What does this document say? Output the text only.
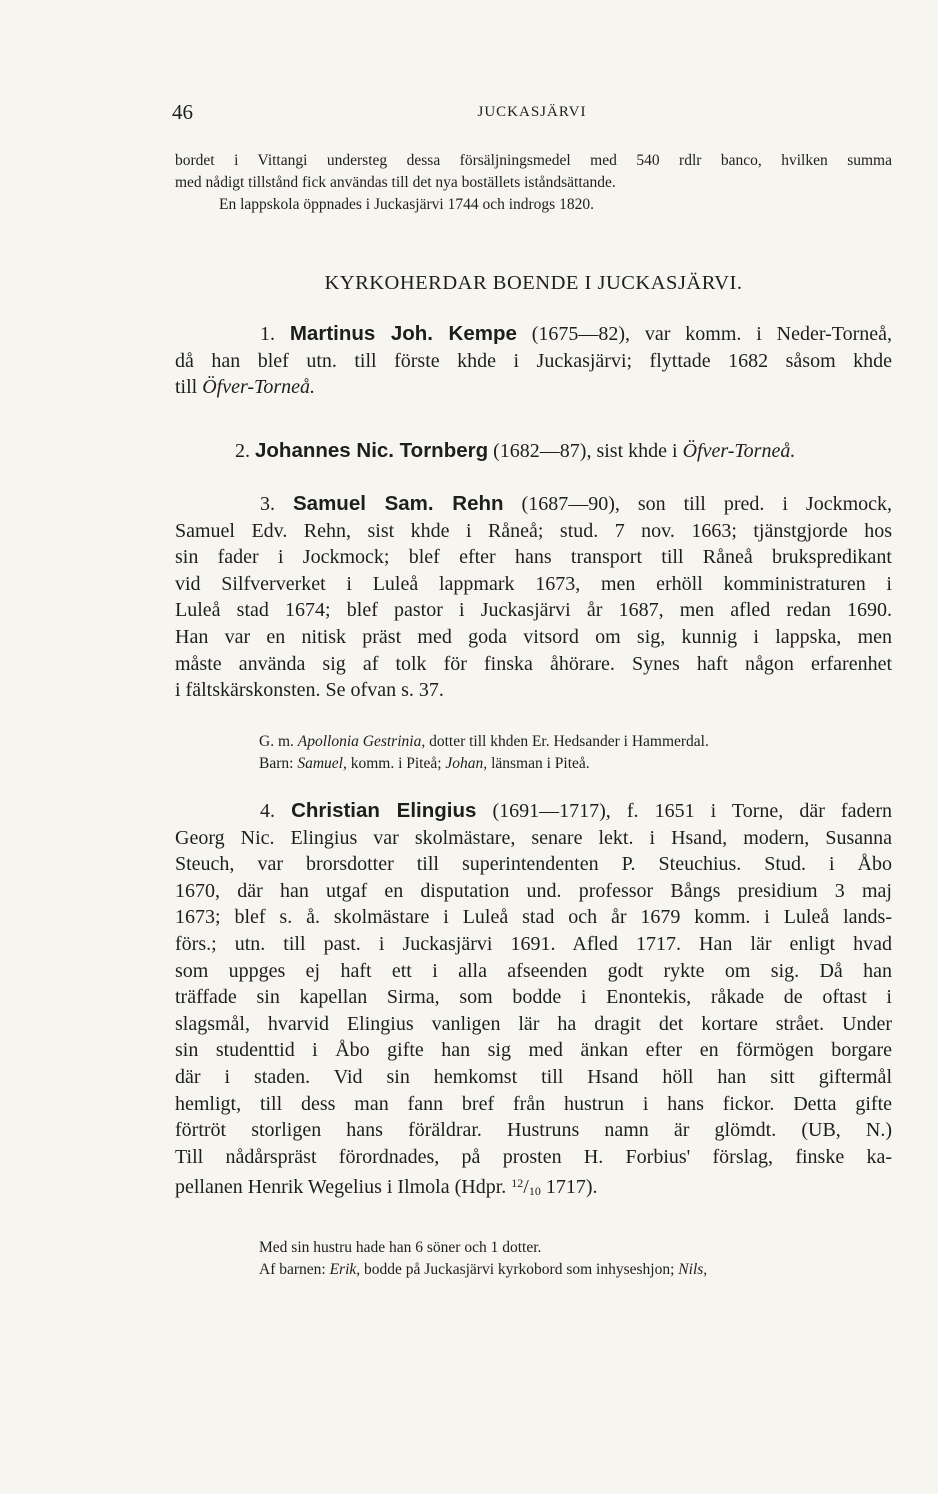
46	JUCKASJÄRVI
bordet i Vittangi understeg dessa försäljningsmedel med 540 rdlr banco, hvilken summa
med nådigt tillstånd fick användas till det nya boställets iståndsättande.
En lappskola öppnades i Juckasjärvi 1744 och indrogs 1820.
KYRKOHERDAR BOENDE I JUCKASJÄRVI.
1. Martinus Joh. Kempe (1675—82), var komm. i Neder-Torneå,
då han blef utn. till förste khde i Juckasjärvi; flyttade 1682 såsom khde
till Öfver-Torneå.
2. Johannes Nic. Tornberg (1682—87), sist khde i Öfver-Torneå.
3. Samuel Sam. Rehn (1687—90), son till pred. i Jockmock,
Samuel Edv. Rehn, sist khde i Råneå; stud. 7 nov. 1663; tjänstgjorde hos
sin fader i Jockmock; blef efter hans transport till Råneå brukspredikant
vid Silfververket i Luleå lappmark 1673, men erhöll komministraturen i
Luleå stad 1674; blef pastor i Juckasjärvi år 1687, men afled redan 1690.
Han var en nitisk präst med goda vitsord om sig, kunnig i lappska, men
måste använda sig af tolk för finska åhörare. Synes haft någon erfarenhet
i fältskärskonsten. Se ofvan s. 37.
G. m. Apollonia Gestrinia, dotter till khden Er. Hedsander i Hammerdal.
Barn: Samuel, komm. i Piteå; Johan, länsman i Piteå.
4. Christian Elingius (1691—1717), f. 1651 i Torne, där fadern
Georg Nic. Elingius var skolmästare, senare lekt. i Hsand, modern, Susanna
Steuch, var brorsdotter till superintendenten P. Steuchius. Stud. i Åbo
1670, där han utgaf en disputation und. professor Bångs presidium 3 maj
1673; blef s. å. skolmästare i Luleå stad och år 1679 komm. i Luleå lands-
förs.; utn. till past. i Juckasjärvi 1691. Afled 1717. Han lär enligt hvad
som uppges ej haft ett i alla afseenden godt rykte om sig. Då han
träffade sin kapellan Sirma, som bodde i Enontekis, råkade de oftast i
slagsmål, hvarvid Elingius vanligen lär ha dragit det kortare strået. Under
sin studenttid i Åbo gifte han sig med änkan efter en förmögen borgare
där i staden. Vid sin hemkomst till Hsand höll han sitt giftermål
hemligt, till dess man fann bref från hustrun i hans fickor. Detta gifte
förtröt storligen hans föräldrar. Hustruns namn är glömdt. (UB, N.)
Till nådårspräst förordnades, på prosten H. Forbius' förslag, finske ka-
pellanen Henrik Wegelius i Ilmola (Hdpr. $^{12}$/10 1717).
Med sin hustru hade han 6 söner och 1 dotter.
Af barnen: Erik, bodde på Juckasjärvi kyrkobord som inhyseshjon; Nils,
